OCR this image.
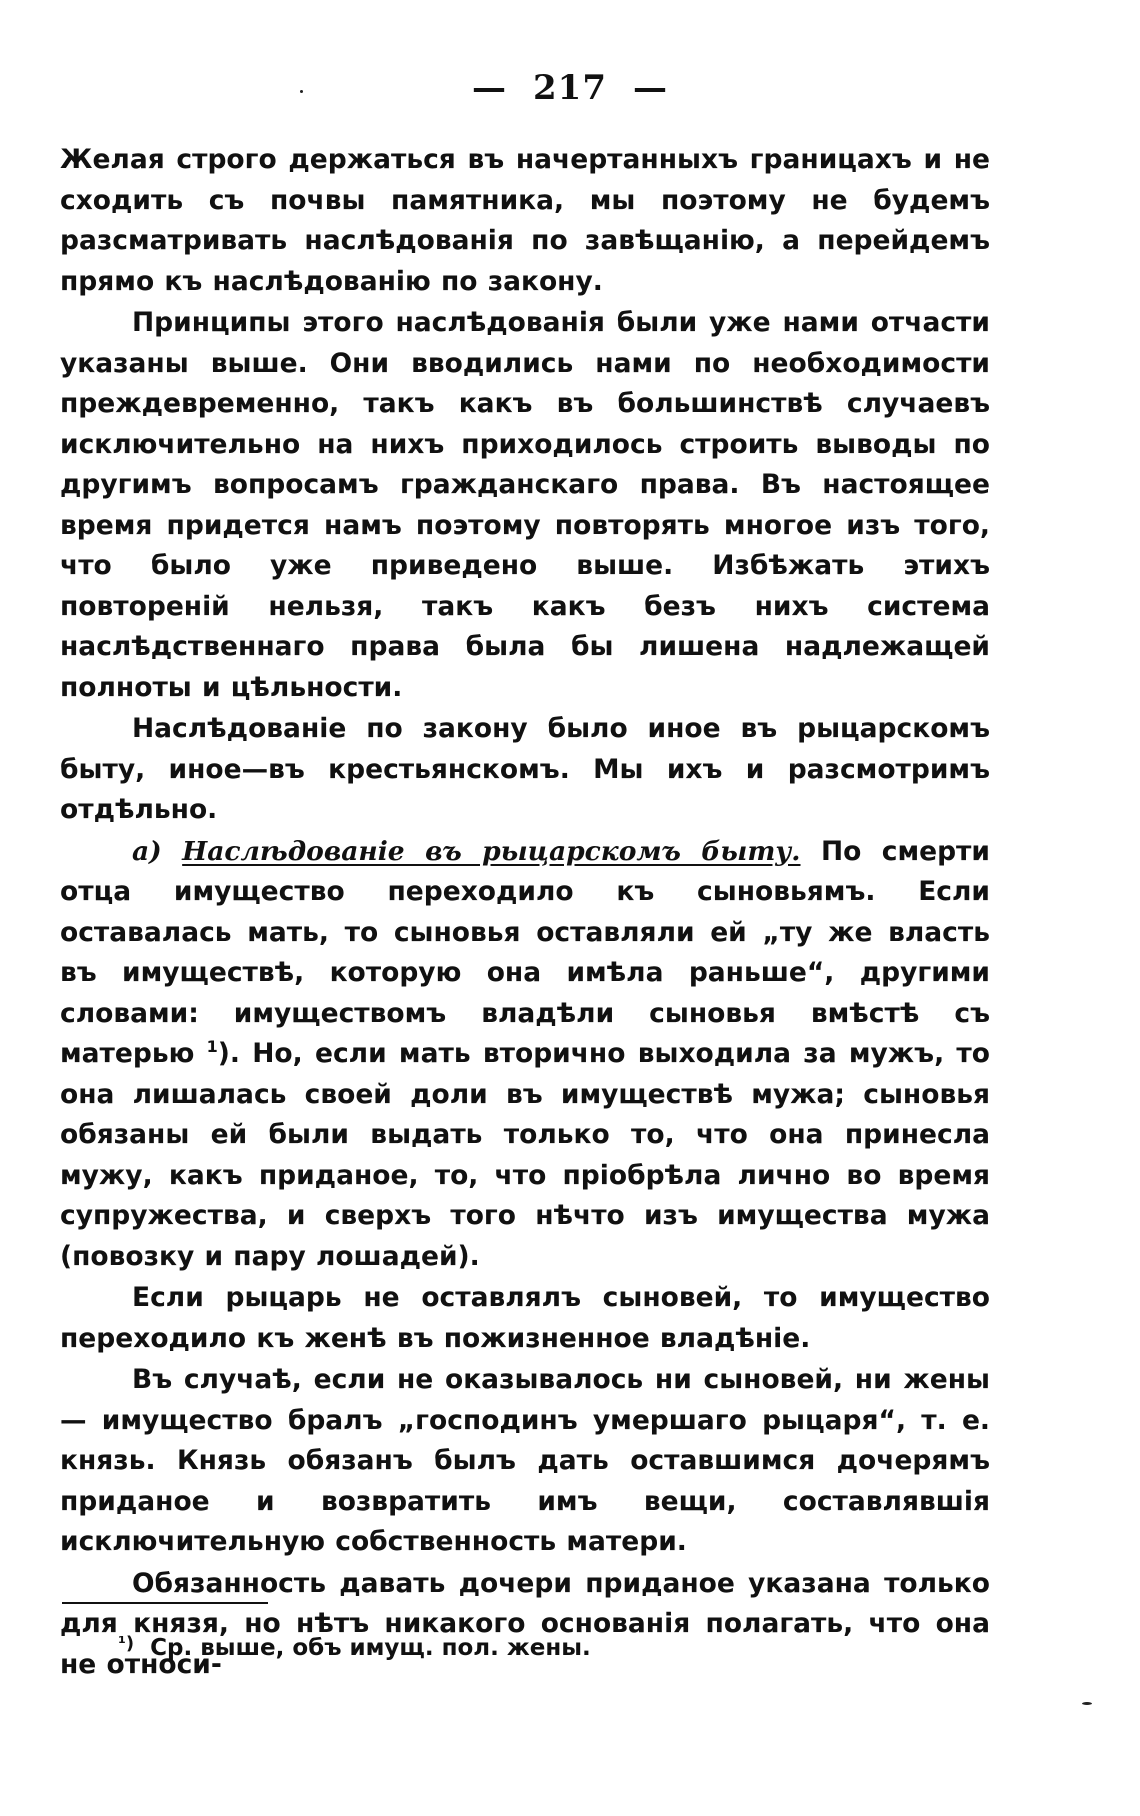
— 217 —

Желая строго держаться въ начертанныхъ границахъ и не сходить съ почвы памятника, мы поэтому не будемъ разсматривать наслѣдованія по завѣщанію, а перейдемъ прямо къ наслѣдованію по закону.

Принципы этого наслѣдованія были уже нами отчасти указаны выше. Они вводились нами по необходимости преждевременно, такъ какъ въ большинствѣ случаевъ исключительно на нихъ приходилось строить выводы по другимъ вопросамъ гражданскаго права. Въ настоящее время придется намъ поэтому повторять многое изъ того, что было уже приведено выше. Избѣжать этихъ повтореній нельзя, такъ какъ безъ нихъ система наслѣдственнаго права была бы лишена надлежащей полноты и цѣльности.

Наслѣдованіе по закону было иное въ рыцарскомъ быту, иное—въ крестьянскомъ. Мы ихъ и разсмотримъ отдѣльно.

а) Наслѣдованіе въ рыцарскомъ быту. По смерти отца имущество переходило къ сыновьямъ. Если оставалась мать, то сыновья оставляли ей „ту же власть въ имуществѣ, которую она имѣла раньше“, другими словами: имуществомъ владѣли сыновья вмѣстѣ съ матерью $^1$). Но, если мать вторично выходила за мужъ, то она лишалась своей доли въ имуществѣ мужа; сыновья обязаны ей были выдать только то, что она принесла мужу, какъ приданое, то, что пріобрѣла лично во время супружества, и сверхъ того нѣчто изъ имущества мужа (повозку и пару лошадей).

Если рыцарь не оставлялъ сыновей, то имущество переходило къ женѣ въ пожизненное владѣніе.

Въ случаѣ, если не оказывалось ни сыновей, ни жены — имущество бралъ „господинъ умершаго рыцаря“, т. е. князь. Князь обязанъ былъ дать оставшимся дочерямъ приданое и возвратить имъ вещи, составлявшія исключительную собственность матери.

Обязанность давать дочери приданое указана только для князя, но нѣтъ никакого основанія полагать, что она не относи-

¹) Ср. выше, объ имущ. пол. жены.
